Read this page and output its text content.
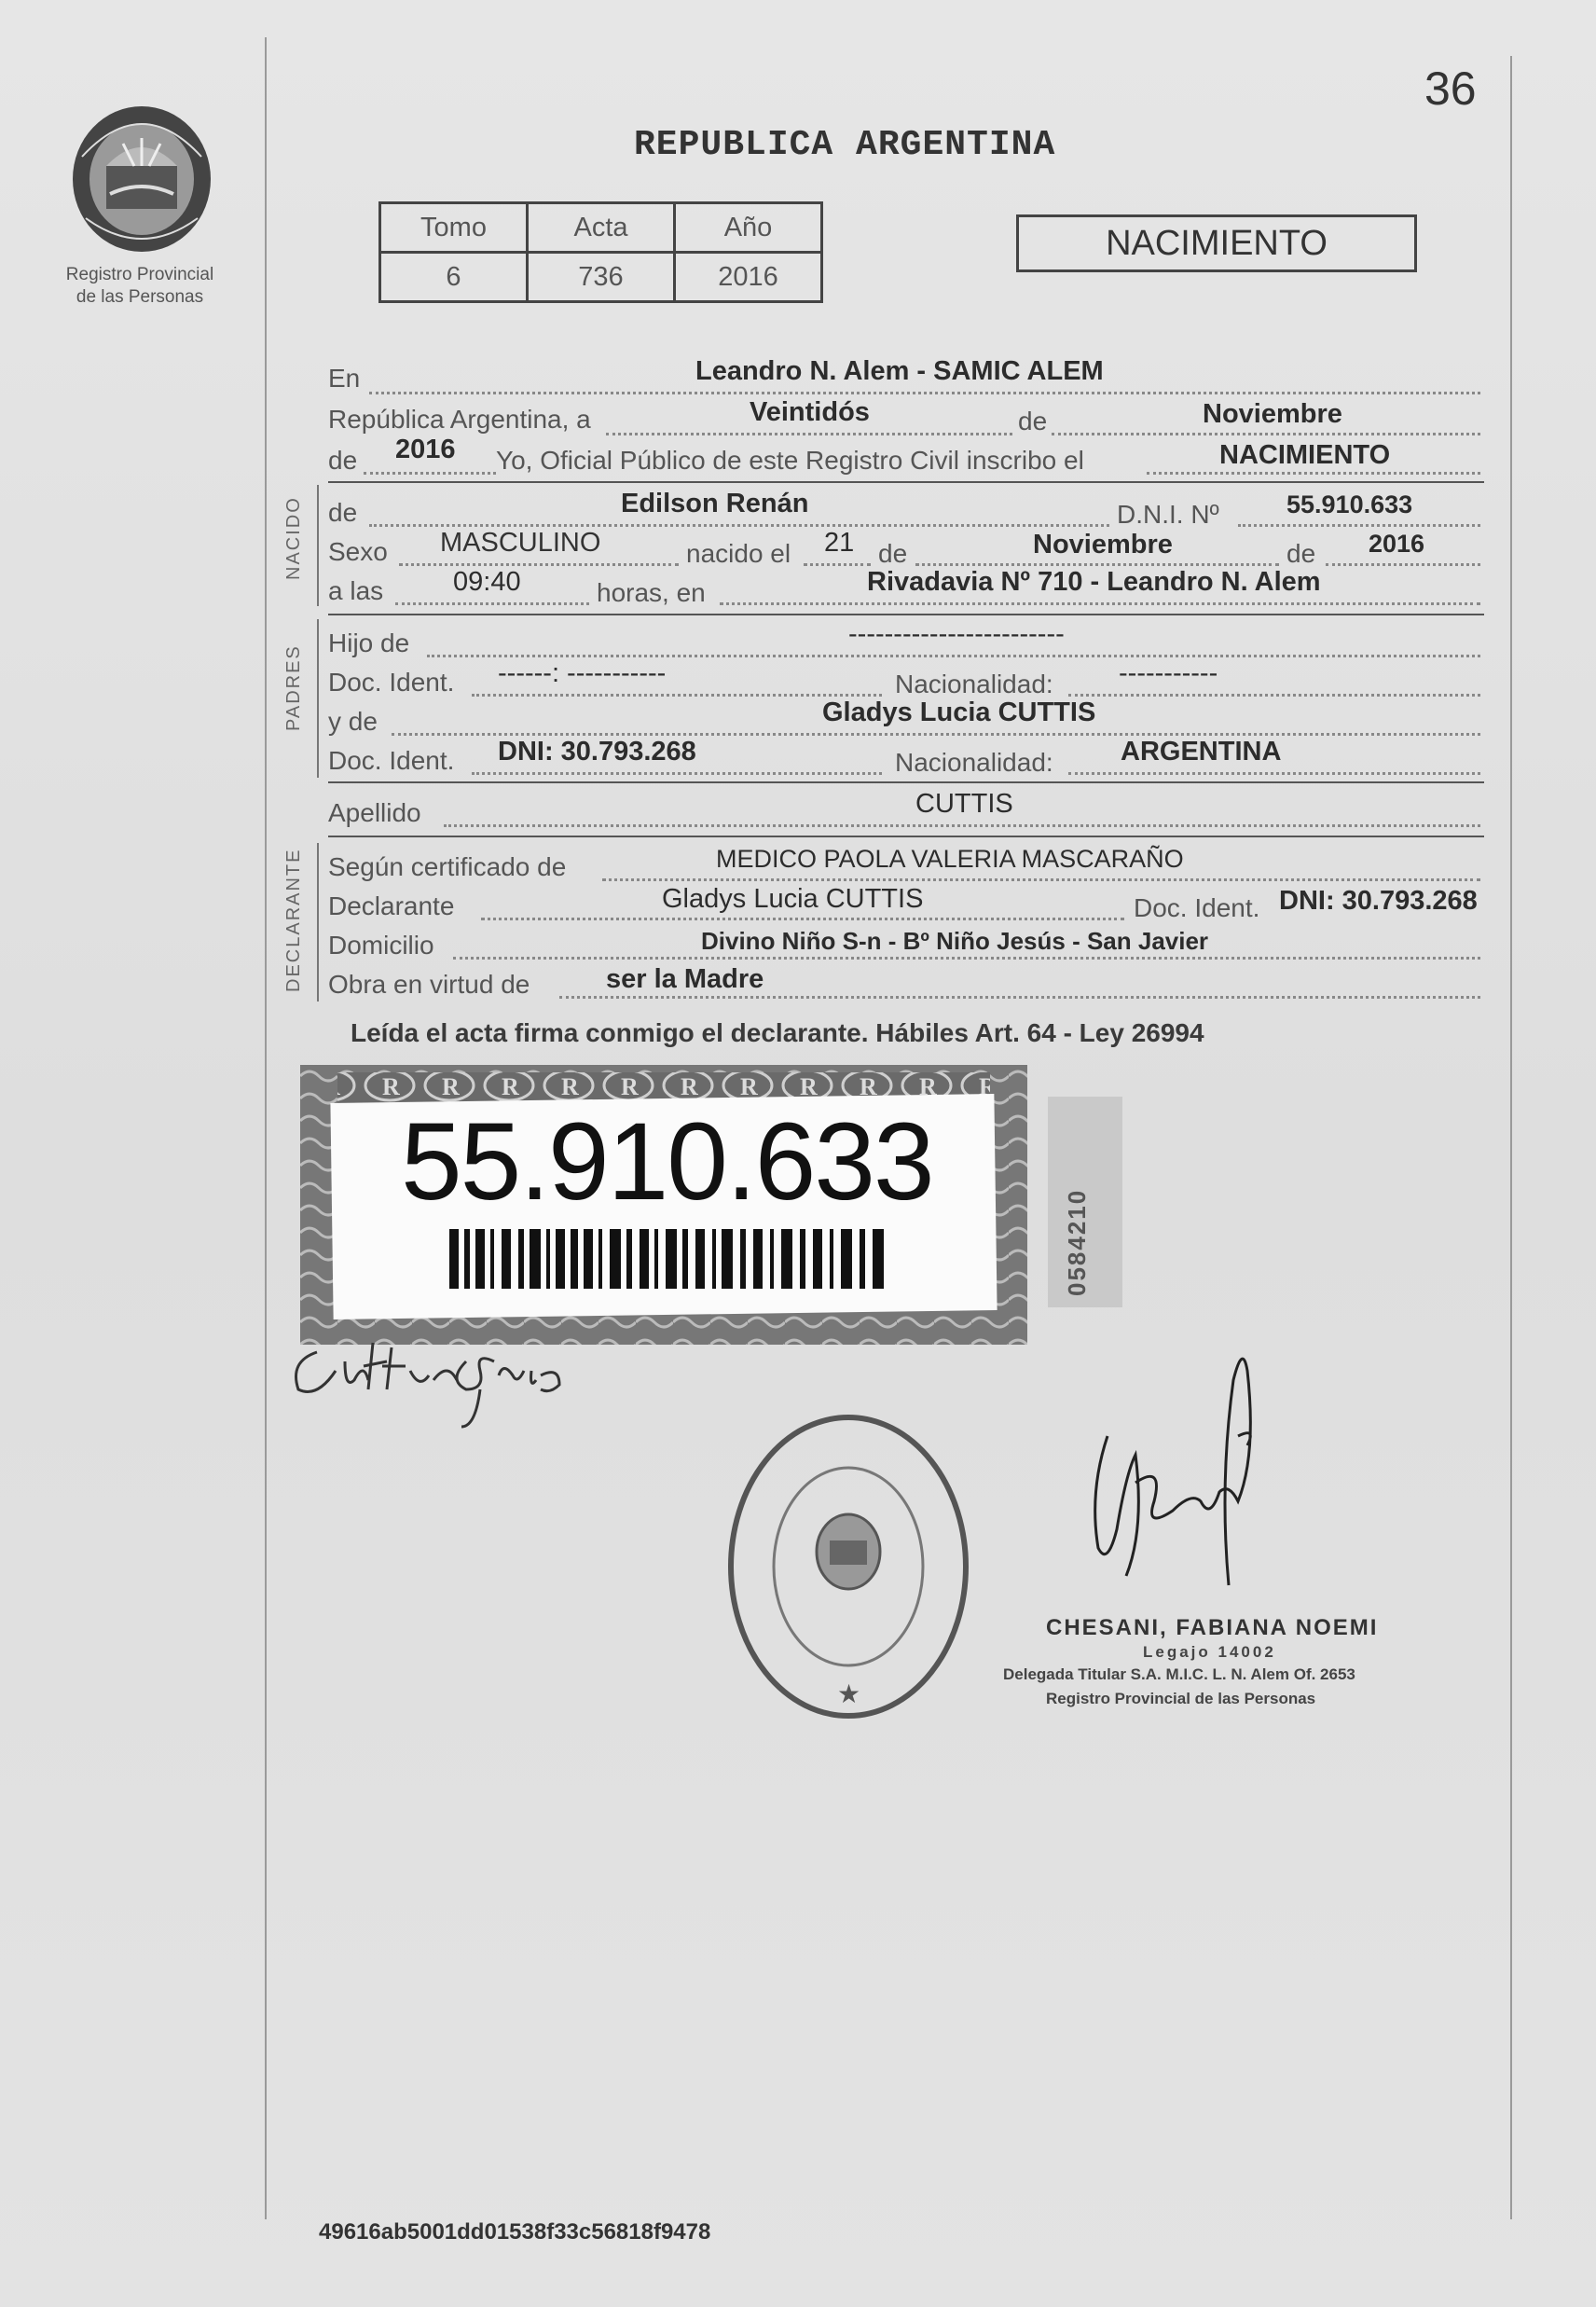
36
Registro Provincial
de las Personas
REPUBLICA ARGENTINA
Tomo	Acta	Año
6	736	2016
NACIMIENTO
En	Leandro N. Alem - SAMIC ALEM
República Argentina, a	Veintidós	de	Noviembre
de 2016 Yo, Oficial Público de este Registro Civil inscribo el	NACIMIENTO
NACIDO de	Edilson Renán	D.N.I. Nº	55.910.633
Sexo MASCULINO	nacido el 21 de	Noviembre	de 2016
a las	09:40	horas, en	Rivadavia Nº 710 - Leandro N. Alem
PADRES
Hijo de	------------------------
Doc. Ident. ------: -----------	Nacionalidad: -----------
y de	Gladys Lucia CUTTIS
Doc. Ident. DNI: 30.793.268	Nacionalidad: ARGENTINA
Apellido	CUTTIS
DECLARANTE Según certificado de	MEDICO PAOLA VALERIA MASCARAÑO
Declarante	Gladys Lucia CUTTIS	Doc. Ident. DNI: 30.793.268
Domicilio	Divino Niño S-n - Bº Niño Jesús - San Javier
Obra en virtud de	ser la Madre
Leída el acta firma conmigo el declarante. Hábiles Art. 64 - Ley 26994
55.910.633
0584210
★
CHESANI, FABIANA NOEMI
Legajo 14002
Delegada Titular S.A. M.I.C. L. N. Alem Of. 2653
Registro Provincial de las Personas
49616ab5001dd01538f33c56818f9478
